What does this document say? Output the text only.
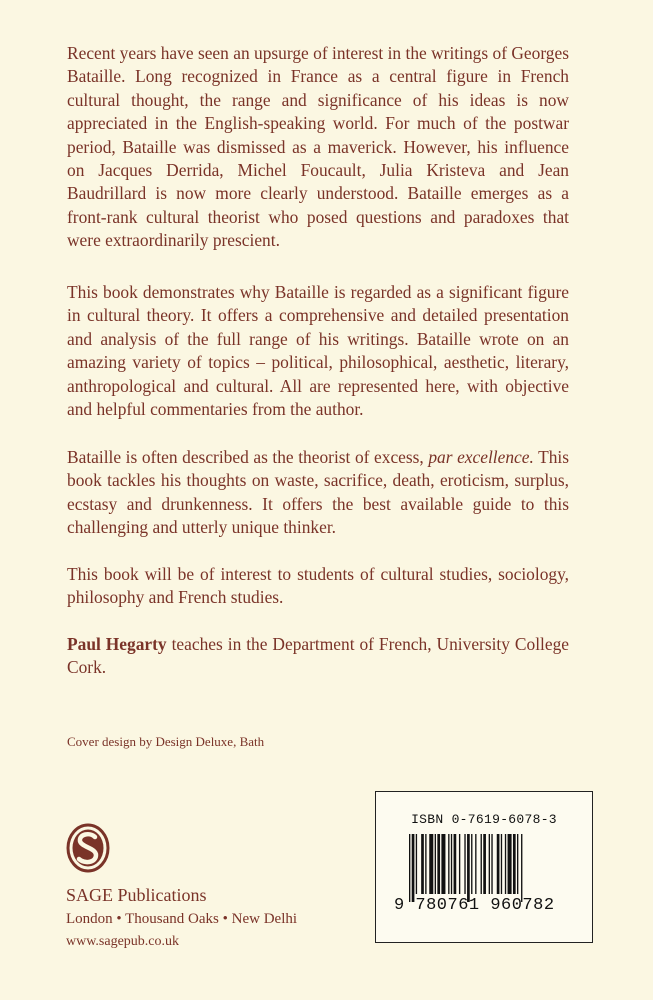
Recent years have seen an upsurge of interest in the writings of Georges Bataille. Long recognized in France as a central figure in French cultural thought, the range and significance of his ideas is now appreciated in the English-speaking world. For much of the postwar period, Bataille was dismissed as a maverick. However, his influence on Jacques Derrida, Michel Foucault, Julia Kristeva and Jean Baudrillard is now more clearly understood. Bataille emerges as a front-rank cultural theorist who posed questions and paradoxes that were extraordinarily prescient.

This book demonstrates why Bataille is regarded as a significant figure in cultural theory. It offers a comprehensive and detailed presentation and analysis of the full range of his writings. Bataille wrote on an amazing variety of topics – political, philosophical, aesthetic, literary, anthropological and cultural. All are represented here, with objective and helpful commentaries from the author.

Bataille is often described as the theorist of excess, par excellence. This book tackles his thoughts on waste, sacrifice, death, eroticism, surplus, ecstasy and drunkenness. It offers the best available guide to this challenging and utterly unique thinker.

This book will be of interest to students of cultural studies, sociology, philosophy and French studies.

Paul Hegarty teaches in the Department of French, University College Cork.

Cover design by Design Deluxe, Bath

SAGE Publications

London • Thousand Oaks • New Delhi

www.sagepub.co.uk

ISBN 0-7619-6078-3
9 780761 960782
